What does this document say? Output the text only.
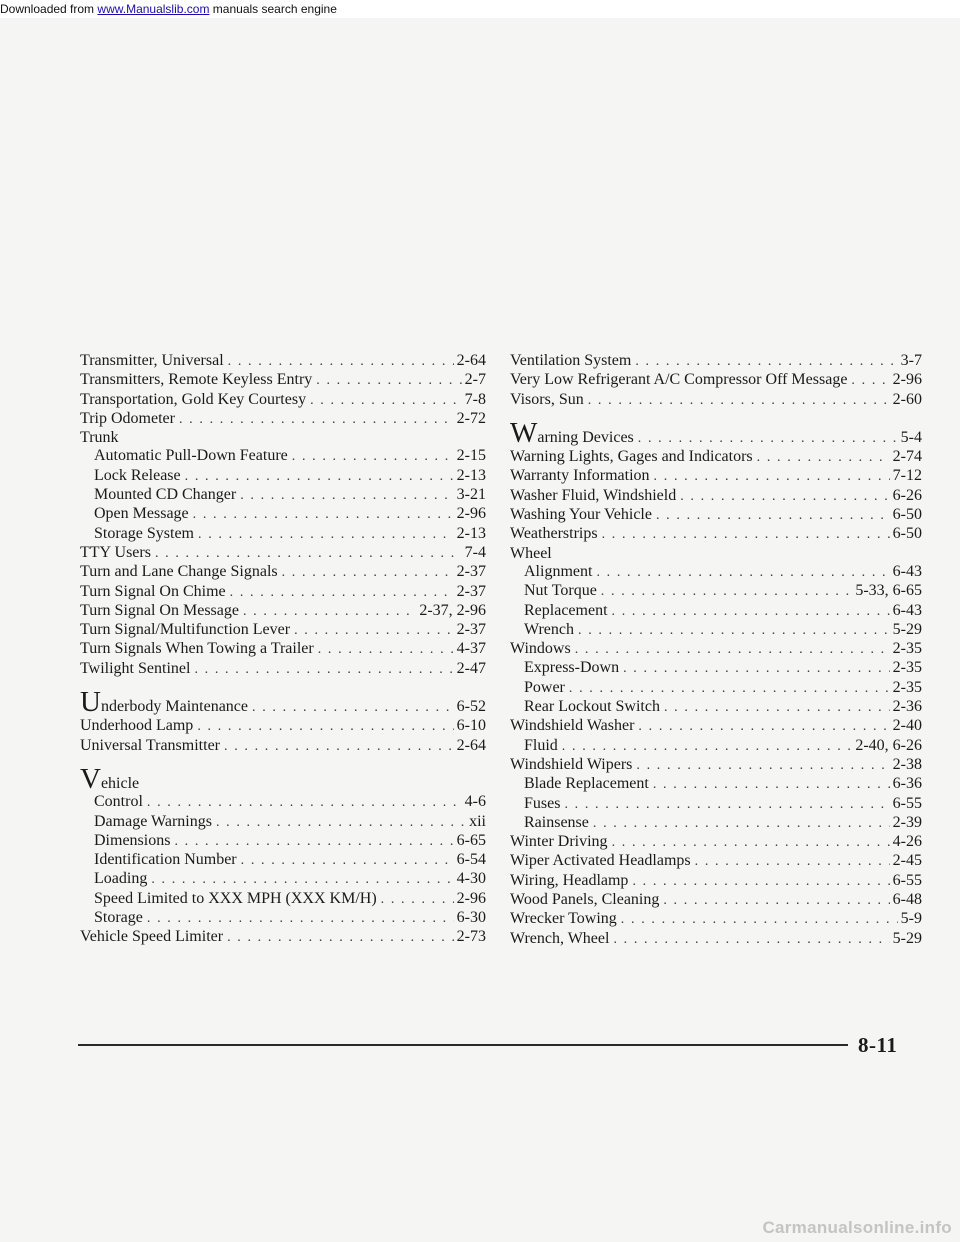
Downloaded from www.Manualslib.com manuals search engine
Transmitter, Universal . . .	2-64
Transmitters, Remote Keyless Entry . . .	2-7
Transportation, Gold Key Courtesy . . .	7-8
Trip Odometer . . .	2-72
Trunk
Automatic Pull-Down Feature . . .	2-15
Lock Release . . .	2-13
Mounted CD Changer . . .	3-21
Open Message . . .	2-96
Storage System . . .	2-13
TTY Users . . .	7-4
Turn and Lane Change Signals . . .	2-37
Turn Signal On Chime . . .	2-37
Turn Signal On Message . . .	2-37, 2-96
Turn Signal/Multifunction Lever . . .	2-37
Turn Signals When Towing a Trailer . . .	4-37
Twilight Sentinel . . .	2-47
Underbody Maintenance . . .	6-52
Underhood Lamp . . .	6-10
Universal Transmitter . . .	2-64
Vehicle
Control . . .	4-6
Damage Warnings . . .	xii
Dimensions . . .	6-65
Identification Number . . .	6-54
Loading . . .	4-30
Speed Limited to XXX MPH (XXX KM/H) . . .	2-96
Storage . . .	6-30
Vehicle Speed Limiter . . .	2-73
Ventilation System . . .	3-7
Very Low Refrigerant A/C Compressor Off Message . . .	2-96
Visors, Sun . . .	2-60
Warning Devices . . .	5-4
Warning Lights, Gages and Indicators . . .	2-74
Warranty Information . . .	7-12
Washer Fluid, Windshield . . .	6-26
Washing Your Vehicle . . .	6-50
Weatherstrips . . .	6-50
Wheel
Alignment . . .	6-43
Nut Torque . . .	5-33, 6-65
Replacement . . .	6-43
Wrench . . .	5-29
Windows . . .	2-35
Express-Down . . .	2-35
Power . . .	2-35
Rear Lockout Switch . . .	2-36
Windshield Washer . . .	2-40
Fluid . . .	2-40, 6-26
Windshield Wipers . . .	2-38
Blade Replacement . . .	6-36
Fuses . . .	6-55
Rainsense . . .	2-39
Winter Driving . . .	4-26
Wiper Activated Headlamps . . .	2-45
Wiring, Headlamp . . .	6-55
Wood Panels, Cleaning . . .	6-48
Wrecker Towing . . .	5-9
Wrench, Wheel . . .	5-29
8-11
Carmanualsonline.info
